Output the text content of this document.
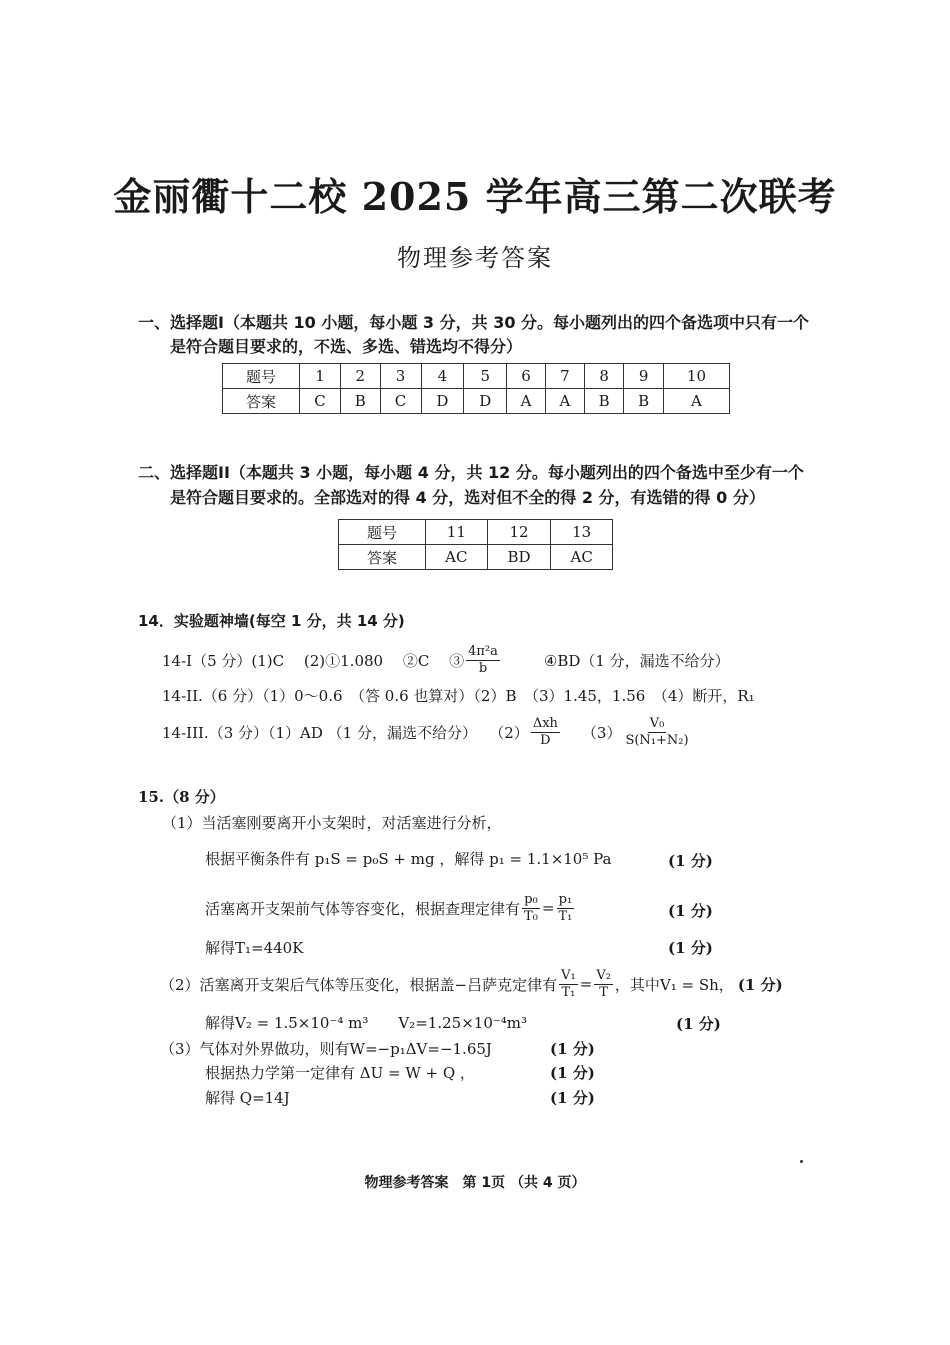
金丽衢十二校 2025 学年高三第二次联考
物理参考答案
一、选择题I（本题共 10 小题，每小题 3 分，共 30 分。每小题列出的四个备选项中只有一个
是符合题目要求的，不选、多选、错选均不得分）
题号	1	2	3	4	5	6	7	8	9	10
答案	C	B	C	D	D	A	A	B	B	A
二、选择题II（本题共 3 小题，每小题 4 分，共 12 分。每小题列出的四个备选中至少有一个
是符合题目要求的。全部选对的得 4 分，选对但不全的得 2 分，有选错的得 0 分）
题号	11	12	13
答案	AC	BD	AC
14．实验题神墙(每空 1 分，共 14 分)
14-I（5 分）(1)C　 (2)①1.080　 ②C　 ③ $\frac{\text{4π²a}}{b}$	④BD（1 分，漏选不给分）
14-II.（6 分）（1）0～0.6　（答 0.6 也算对）（2）B　（3）1.45，1.56　（4）断开，R₁
14-III.（3 分）（1）AD （1 分，漏选不给分）　 $(2) \frac{\text{Δxh}}{D} (3) \frac{\text{V₀}}{\text{S(N₁+N₂)}}$
15.（8 分）
（1）当活塞刚要离开小支架时，对活塞进行分析，
根据平衡条件有 p₁S = p₀S + mg ，解得 p₁ = 1.1×10⁵ Pa	(1 分)
活塞离开支架前气体等容变化，根据查理定律有 $\frac{\text{p₀}}{\text{T₀}} = \frac{\text{p₁}}{\text{T₁}}$	(1 分)
解得T₁=440K	(1 分)
（2）活塞离开支架后气体等压变化，根据盖−吕萨克定律有 $\frac{\text{V₁}}{\text{T₁}} = \frac{\text{V₂}}{T}$ ，其中V₁ = Sh， (1 分)
解得V₂ = 1.5×10⁻⁴ m³　　V₂=1.25×10⁻⁴m³	(1 分)
（3）气体对外界做功，则有W=−p₁ΔV=−1.65J	(1 分)
根据热力学第一定律有 ΔU = W + Q ，	(1 分)
解得 Q=14J	(1 分)
物理参考答案　第 1页 （共 4 页）
